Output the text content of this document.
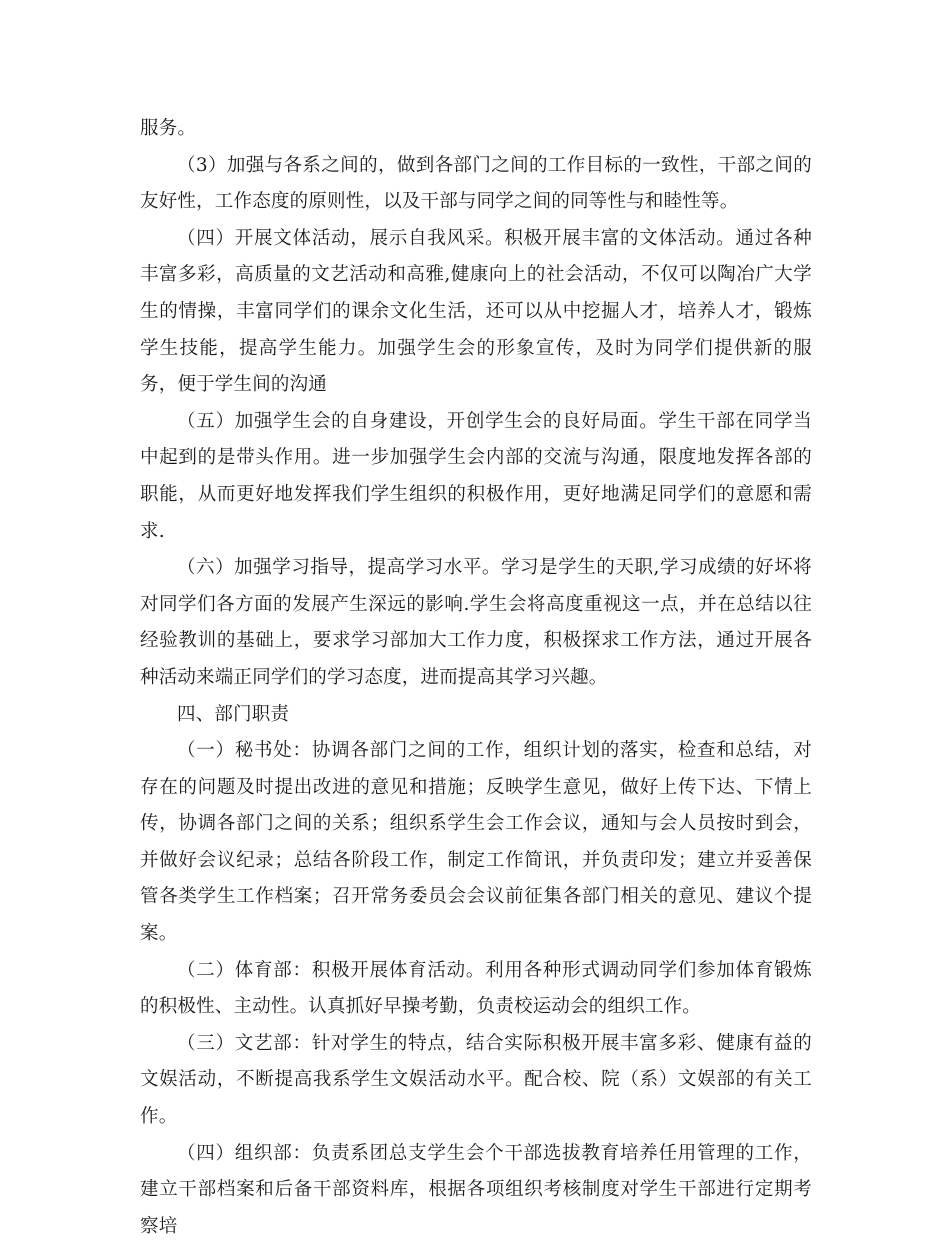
服务。

（3）加强与各系之间的，做到各部门之间的工作目标的一致性，干部之间的友好性，工作态度的原则性，以及干部与同学之间的同等性与和睦性等。

（四）开展文体活动，展示自我风采。积极开展丰富的文体活动。通过各种丰富多彩，高质量的文艺活动和高雅,健康向上的社会活动，不仅可以陶冶广大学生的情操，丰富同学们的课余文化生活，还可以从中挖掘人才，培养人才，锻炼学生技能，提高学生能力。加强学生会的形象宣传，及时为同学们提供新的服务，便于学生间的沟通

（五）加强学生会的自身建设，开创学生会的良好局面。学生干部在同学当中起到的是带头作用。进一步加强学生会内部的交流与沟通，限度地发挥各部的职能，从而更好地发挥我们学生组织的积极作用，更好地满足同学们的意愿和需求.

（六）加强学习指导，提高学习水平。学习是学生的天职,学习成绩的好坏将对同学们各方面的发展产生深远的影响.学生会将高度重视这一点，并在总结以往经验教训的基础上，要求学习部加大工作力度，积极探求工作方法，通过开展各种活动来端正同学们的学习态度，进而提高其学习兴趣。

四、部门职责

（一）秘书处：协调各部门之间的工作，组织计划的落实，检查和总结，对存在的问题及时提出改进的意见和措施；反映学生意见，做好上传下达、下情上传，协调各部门之间的关系；组织系学生会工作会议，通知与会人员按时到会，并做好会议纪录；总结各阶段工作，制定工作简讯，并负责印发；建立并妥善保管各类学生工作档案；召开常务委员会会议前征集各部门相关的意见、建议个提案。

（二）体育部：积极开展体育活动。利用各种形式调动同学们参加体育锻炼的积极性、主动性。认真抓好早操考勤，负责校运动会的组织工作。

（三）文艺部：针对学生的特点，结合实际积极开展丰富多彩、健康有益的文娱活动，不断提高我系学生文娱活动水平。配合校、院（系）文娱部的有关工作。

（四）组织部：负责系团总支学生会个干部选拔教育培养任用管理的工作，建立干部档案和后备干部资料库，根据各项组织考核制度对学生干部进行定期考察培
